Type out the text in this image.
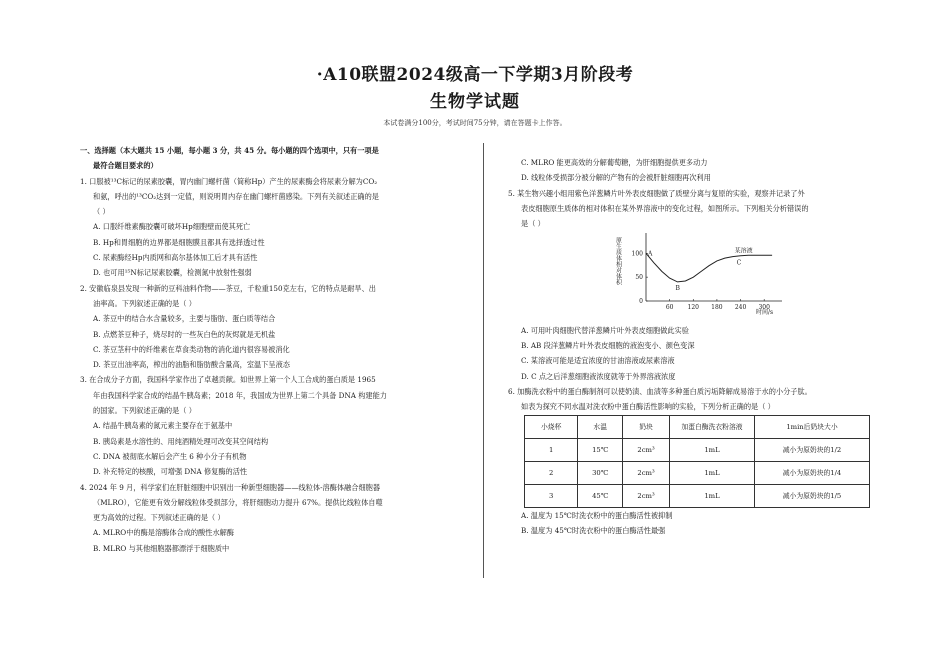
·A10联盟2024级高一下学期3月阶段考
生物学试题
本试卷满分100分，考试时间75分钟，请在答题卡上作答。
一、选择题（本大题共 15 小题，每小题 3 分，共 45 分。每小题的四个选项中，只有一项是
最符合题目要求的）
1. 口服被¹³C标记的尿素胶囊，胃内幽门螺杆菌（简称Hp）产生的尿素酶会将尿素分解为CO₂
和氨，呼出的¹³CO₂达到一定值，则说明胃内存在幽门螺杆菌感染。下列有关叙述正确的是
（ ）
A. 口服纤维素酶胶囊可破坏Hp细胞壁而使其死亡
B. Hp和胃细胞的边界都是细胞膜且都具有选择透过性
C. 尿素酶经Hp内质网和高尔基体加工后才具有活性
D. 也可用¹⁵N标记尿素胶囊，检测氮中放射性强弱
2. 安徽临泉县发现一种新的豆科油料作物——茶豆，千粒重150克左右，它的特点是耐旱、出
油率高。下列叙述正确的是（ ）
A. 茶豆中的结合水含量较多，主要与脂肪、蛋白质等结合
B. 点燃茶豆种子，烧尽时的一些灰白色的灰烬就是无机盐
C. 茶豆茎秆中的纤维素在草食类动物的消化道内很容易被消化
D. 茶豆出油率高，榨出的油脂和脂肪酸含量高，室温下呈液态
3. 在合成分子方面，我国科学家作出了卓越贡献。如世界上第一个人工合成的蛋白质是 1965
年由我国科学家合成的结晶牛胰岛素；2018 年，我国成为世界上第二个具备 DNA 构建能力
的国家。下列叙述正确的是（ ）
A. 结晶牛胰岛素的氮元素主要存在于氨基中
B. 胰岛素是水溶性的、用纯酒精处理可改变其空间结构
C. DNA 被彻底水解后会产生 6 种小分子有机物
D. 补充特定的核酸，可增强 DNA 修复酶的活性
4. 2024 年 9 月，科学家们在肝脏细胞中识别出一种新型细胞器——线粒体-溶酶体融合细胞器
（MLRO），它能更有效分解线粒体受损部分，将肝细胞动力提升 67%。提供比线粒体自噬
更为高效的过程。下列叙述正确的是（ ）
A. MLRO中的酶是溶酶体合成的酸性水解酶
B. MLRO 与其他细胞器都漂浮于细胞质中
C. MLRO 能更高效的分解葡萄糖，为肝细胞提供更多动力
D. 线粒体受损部分被分解的产物有的会被肝脏细胞再次利用
5. 某生物兴趣小组用紫色洋葱鳞片叶外表皮细胞做了质壁分离与复原的实验，观察并记录了外
表皮细胞原生质体的相对体积在某外界溶液中的变化过程，如图所示。下列相关分析错误的
是（ ）
原生质体相对体积
0
50
100
60 120 180 240 300
A
B
C
某溶液
时间/s
A. 可用叶肉细胞代替洋葱鳞片叶外表皮细胞做此实验
B. AB 段洋葱鳞片叶外表皮细胞的液泡变小、颜色变深
C. 某溶液可能是适宜浓度的甘油溶液或尿素溶液
D. C 点之后洋葱细胞液浓度就等于外界溶液浓度
6. 加酶洗衣粉中的蛋白酶制剂可以使奶渍、血渍等多种蛋白质污垢降解成易溶于水的小分子肽。
如表为探究不同水温对洗衣粉中蛋白酶活性影响的实验，下列分析正确的是（ ）
小烧杯	水温	奶块	加蛋白酶洗衣粉溶液	1min后奶块大小
1	15℃	2cm³	1mL	减小为原奶块的1/2
2	30℃	2cm³	1mL	减小为原奶块的1/4
3	45℃	2cm³	1mL	减小为原奶块的1/5
A. 温度为 15℃时洗衣粉中的蛋白酶活性被抑制
B. 温度为 45℃时洗衣粉中的蛋白酶活性最强
